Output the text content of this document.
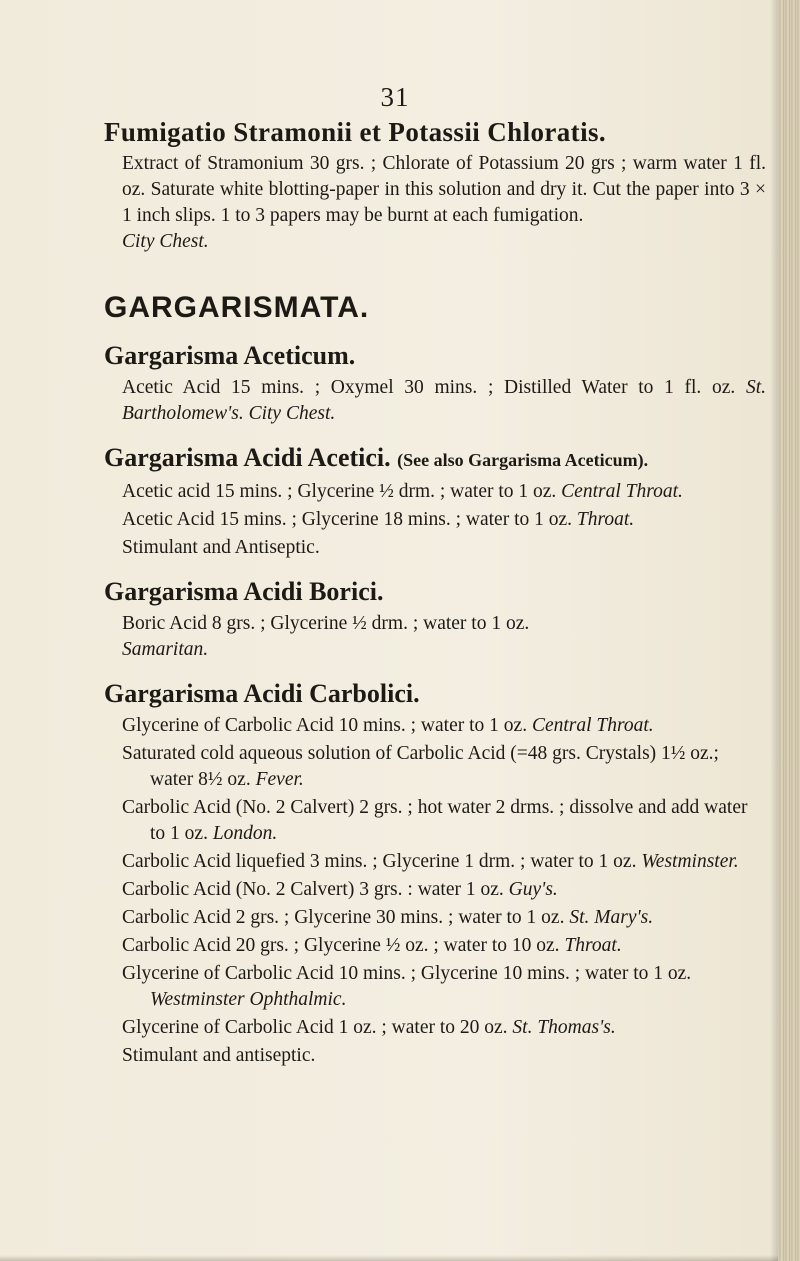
31
Fumigatio Stramonii et Potassii Chloratis.

Extract of Stramonium 30 grs. ; Chlorate of Potassium 20 grs ; warm water 1 fl. oz. Saturate white blotting-paper in this solution and dry it. Cut the paper into 3 × 1 inch slips. 1 to 3 papers may be burnt at each fumigation.
City Chest.

GARGARISMATA.
Gargarisma Aceticum.

Acetic Acid 15 mins. ; Oxymel 30 mins. ; Distilled Water to 1 fl. oz. St. Bartholomew's. City Chest.

Gargarisma Acidi Acetici. (See also Gargarisma Aceticum).

Acetic acid 15 mins. ; Glycerine ½ drm. ; water to 1 oz. Central Throat.

Acetic Acid 15 mins. ; Glycerine 18 mins. ; water to 1 oz. Throat.

Stimulant and Antiseptic.

Gargarisma Acidi Borici.

Boric Acid 8 grs. ; Glycerine ½ drm. ; water to 1 oz.
Samaritan.

Gargarisma Acidi Carbolici.

Glycerine of Carbolic Acid 10 mins. ; water to 1 oz. Central Throat.

Saturated cold aqueous solution of Carbolic Acid (=48 grs. Crystals) 1½ oz.; water 8½ oz. Fever.

Carbolic Acid (No. 2 Calvert) 2 grs. ; hot water 2 drms. ; dissolve and add water to 1 oz. London.

Carbolic Acid liquefied 3 mins. ; Glycerine 1 drm. ; water to 1 oz. Westminster.

Carbolic Acid (No. 2 Calvert) 3 grs. : water 1 oz. Guy's.

Carbolic Acid 2 grs. ; Glycerine 30 mins. ; water to 1 oz. St. Mary's.

Carbolic Acid 20 grs. ; Glycerine ½ oz. ; water to 10 oz. Throat.

Glycerine of Carbolic Acid 10 mins. ; Glycerine 10 mins. ; water to 1 oz. Westminster Ophthalmic.

Glycerine of Carbolic Acid 1 oz. ; water to 20 oz. St. Thomas's.

Stimulant and antiseptic.
